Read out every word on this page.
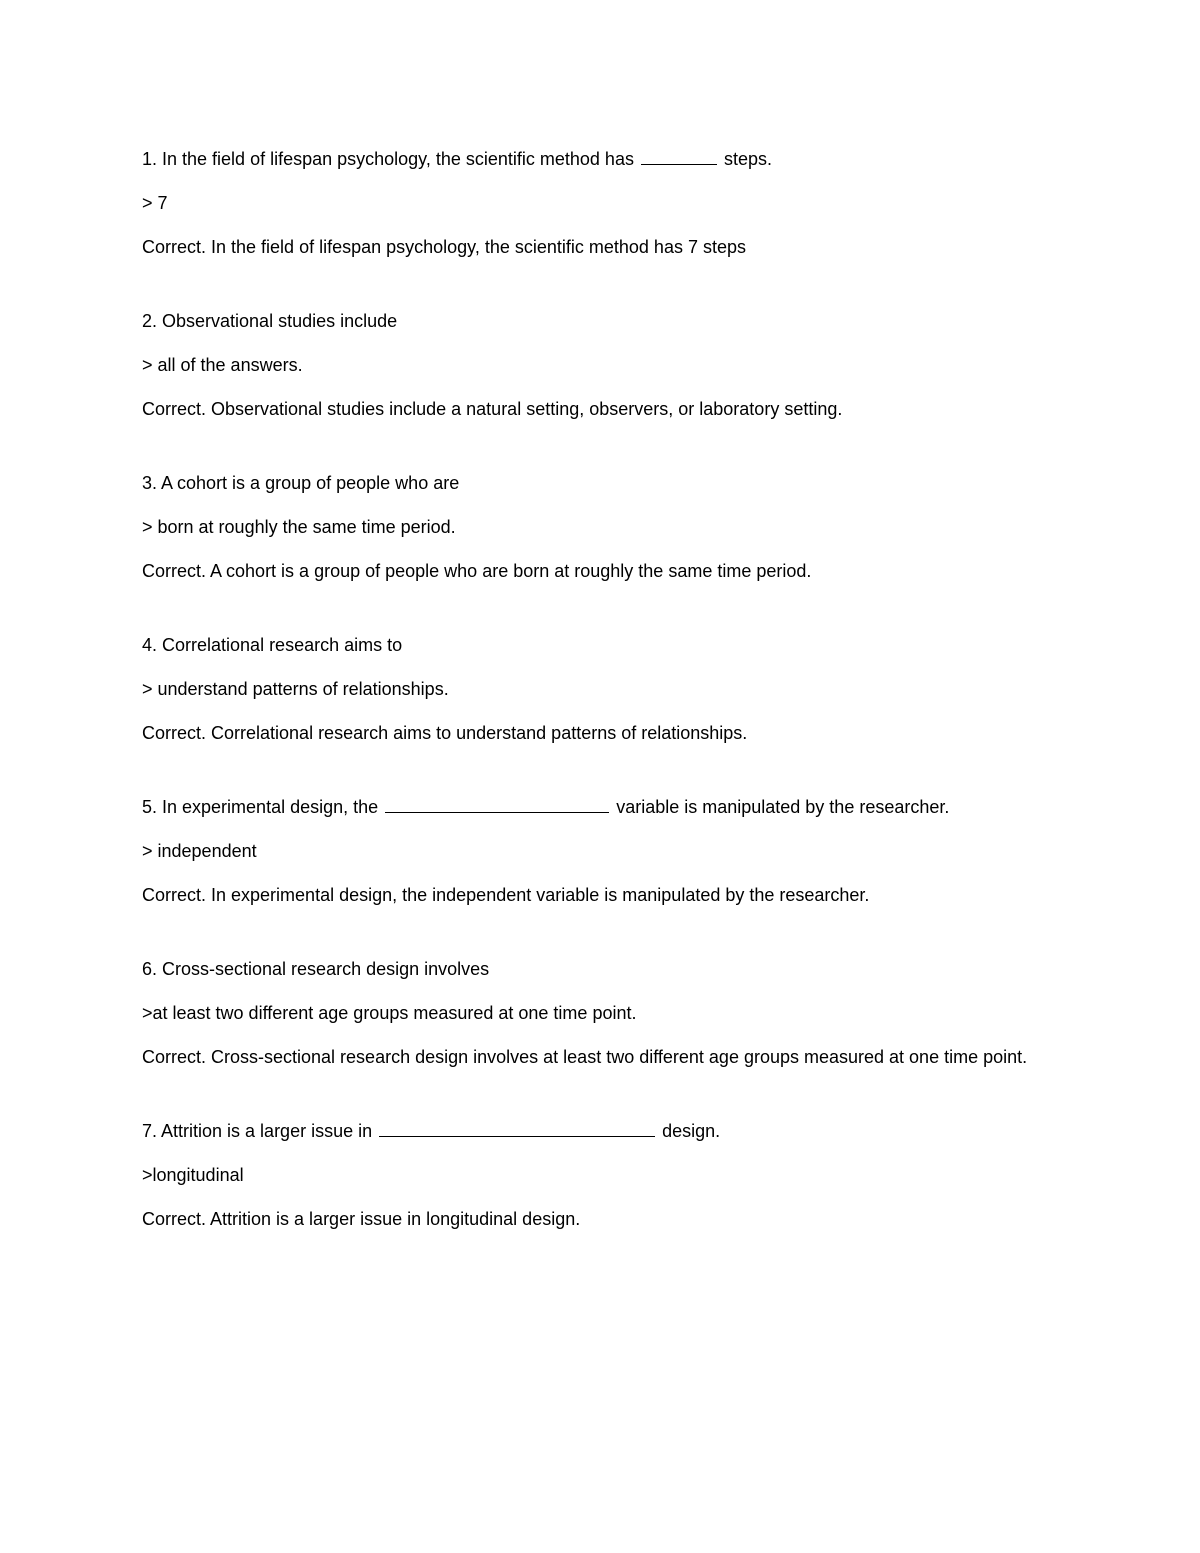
1. In the field of lifespan psychology, the scientific method has	steps.

> 7

Correct. In the field of lifespan psychology, the scientific method has 7 steps

2. Observational studies include

> all of the answers.

Correct. Observational studies include a natural setting, observers, or laboratory setting.

3. A cohort is a group of people who are

> born at roughly the same time period.

Correct. A cohort is a group of people who are born at roughly the same time period.

4. Correlational research aims to

> understand patterns of relationships.

Correct. Correlational research aims to understand patterns of relationships.

5. In experimental design, the	variable is manipulated by the researcher.

> independent

Correct. In experimental design, the independent variable is manipulated by the researcher.

6. Cross-sectional research design involves

>at least two different age groups measured at one time point.

Correct. Cross-sectional research design involves at least two different age groups measured at one time point.

7. Attrition is a larger issue in	design.

>longitudinal

Correct. Attrition is a larger issue in longitudinal design.
